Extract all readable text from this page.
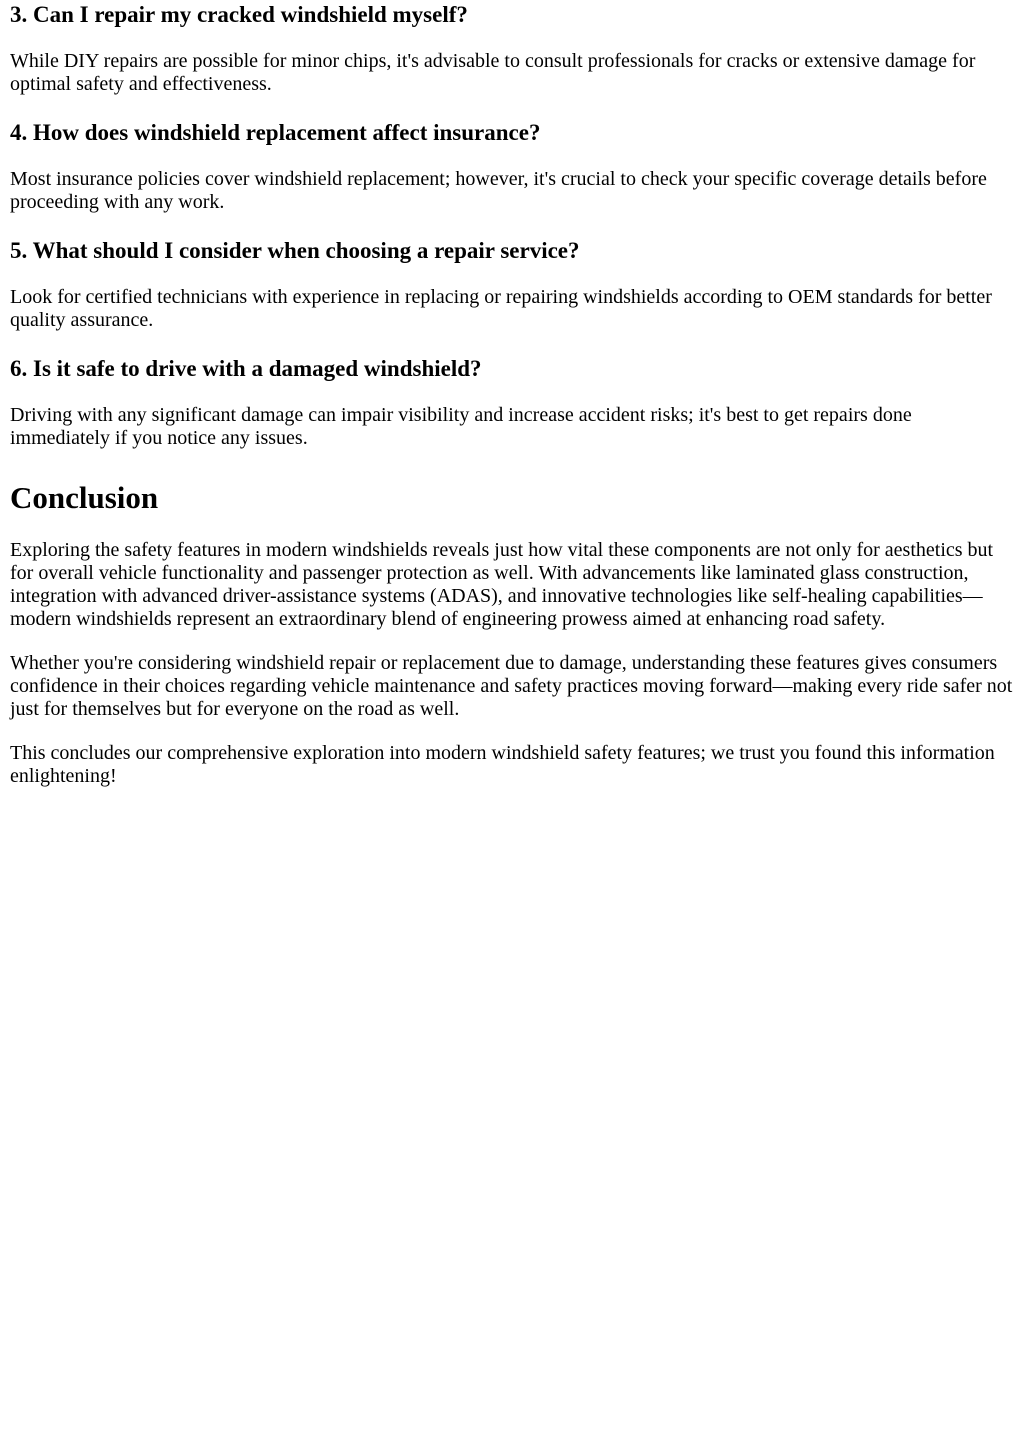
3. Can I repair my cracked windshield myself?

While DIY repairs are possible for minor chips, it's advisable to consult professionals for cracks or extensive damage for optimal safety and effectiveness.

4. How does windshield replacement affect insurance?

Most insurance policies cover windshield replacement; however, it's crucial to check your specific coverage details before proceeding with any work.

5. What should I consider when choosing a repair service?

Look for certified technicians with experience in replacing or repairing windshields according to OEM standards for better quality assurance.

6. Is it safe to drive with a damaged windshield?

Driving with any significant damage can impair visibility and increase accident risks; it's best to get repairs done immediately if you notice any issues.

Conclusion

Exploring the safety features in modern windshields reveals just how vital these components are not only for aesthetics but for overall vehicle functionality and passenger protection as well. With advancements like laminated glass construction, integration with advanced driver-assistance systems (ADAS), and innovative technologies like self-healing capabilities—modern windshields represent an extraordinary blend of engineering prowess aimed at enhancing road safety.

Whether you're considering windshield repair or replacement due to damage, understanding these features gives consumers confidence in their choices regarding vehicle maintenance and safety practices moving forward—making every ride safer not just for themselves but for everyone on the road as well.

This concludes our comprehensive exploration into modern windshield safety features; we trust you found this information enlightening!
